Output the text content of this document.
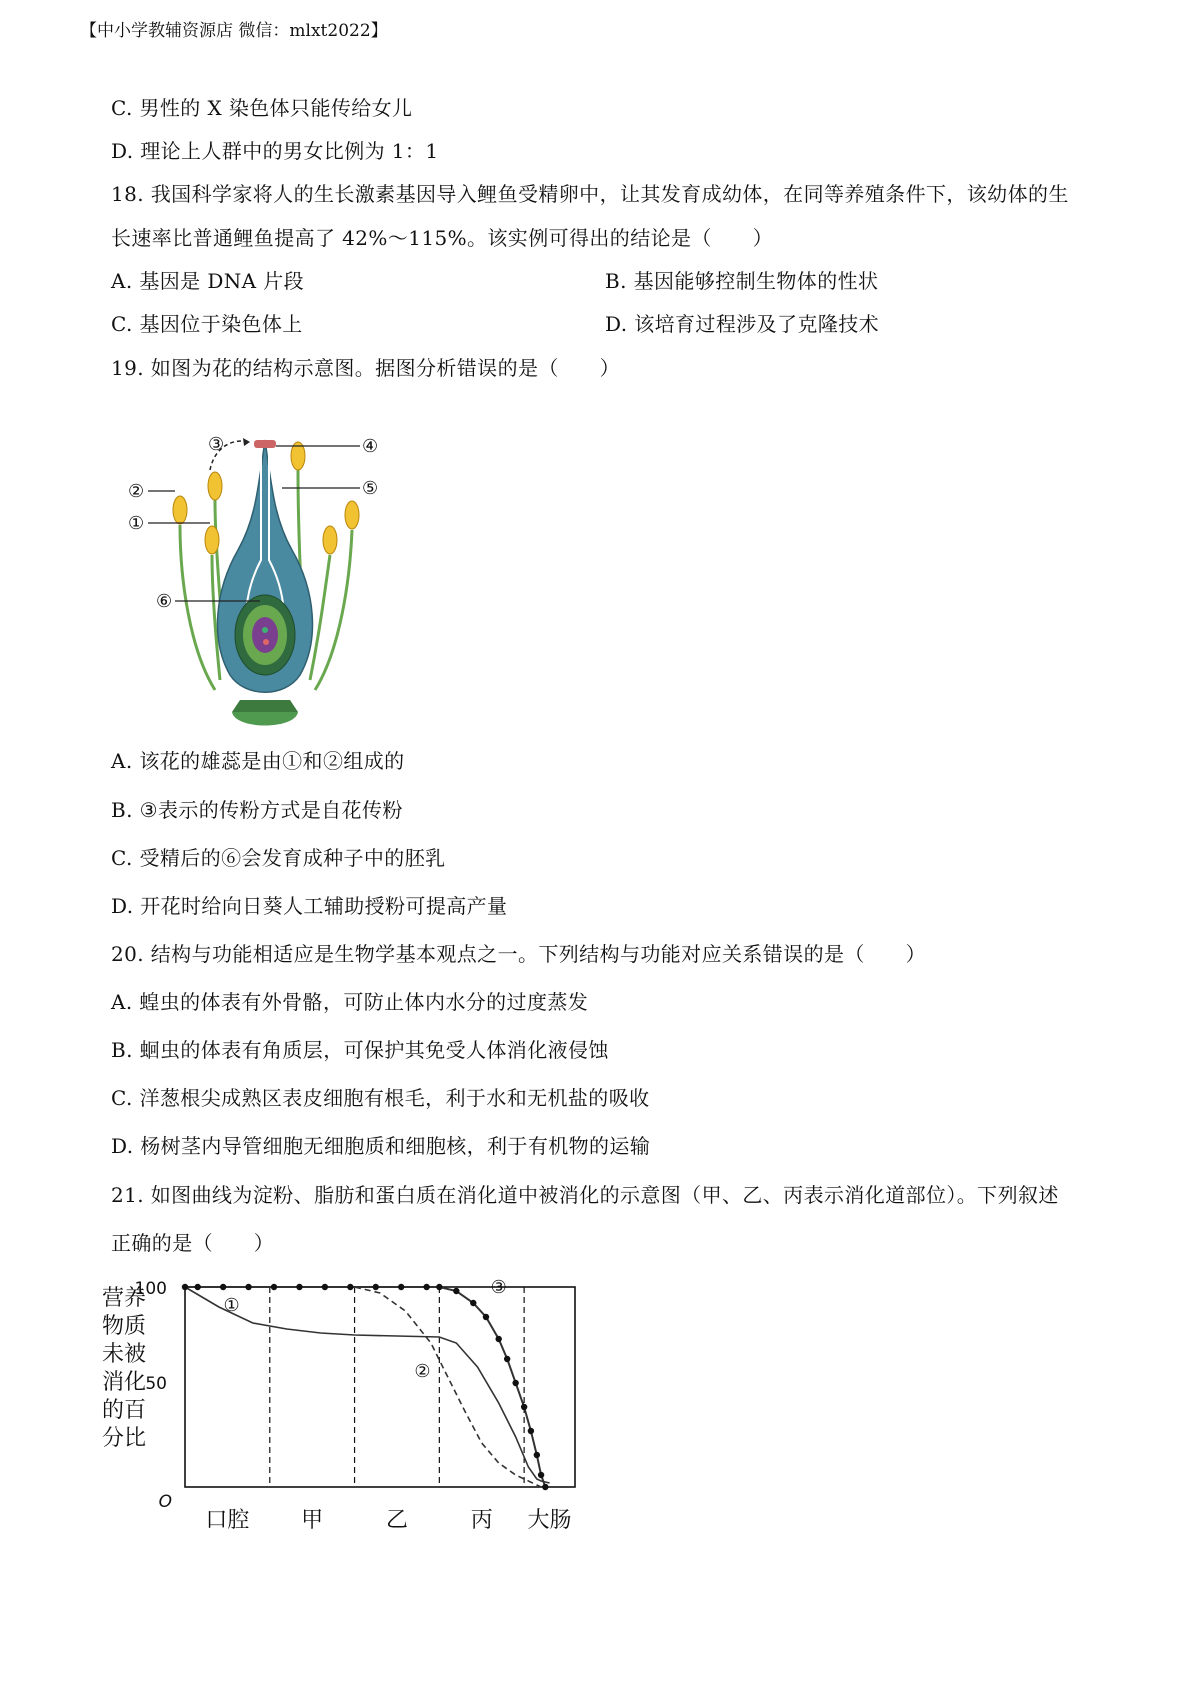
【中小学教辅资源店 微信：mlxt2022】
C. 男性的 X 染色体只能传给女儿
D. 理论上人群中的男女比例为 1：1
18. 我国科学家将人的生长激素基因导入鲤鱼受精卵中，让其发育成幼体，在同等养殖条件下，该幼体的生
长速率比普通鲤鱼提高了 42%～115%。该实例可得出的结论是（　　）
A. 基因是 DNA 片段	B. 基因能够控制生物体的性状
C. 基因位于染色体上	D. 该培育过程涉及了克隆技术
19. 如图为花的结构示意图。据图分析错误的是（　　）
③	④
⑤
②
①
⑥
A. 该花的雄蕊是由①和②组成的
B. ③表示的传粉方式是自花传粉
C. 受精后的⑥会发育成种子中的胚乳
D. 开花时给向日葵人工辅助授粉可提高产量
20. 结构与功能相适应是生物学基本观点之一。下列结构与功能对应关系错误的是（　　）
A. 蝗虫的体表有外骨骼，可防止体内水分的过度蒸发
B. 蛔虫的体表有角质层，可保护其免受人体消化液侵蚀
C. 洋葱根尖成熟区表皮细胞有根毛，利于水和无机盐的吸收
D. 杨树茎内导管细胞无细胞质和细胞核，利于有机物的运输
21. 如图曲线为淀粉、脂肪和蛋白质在消化道中被消化的示意图（甲、乙、丙表示消化道部位）。下列叙述
正确的是（　　）
营养
物质
未被
消化
的百
分比
100
50
O
口腔 甲	乙	丙 大肠
①
②
③
